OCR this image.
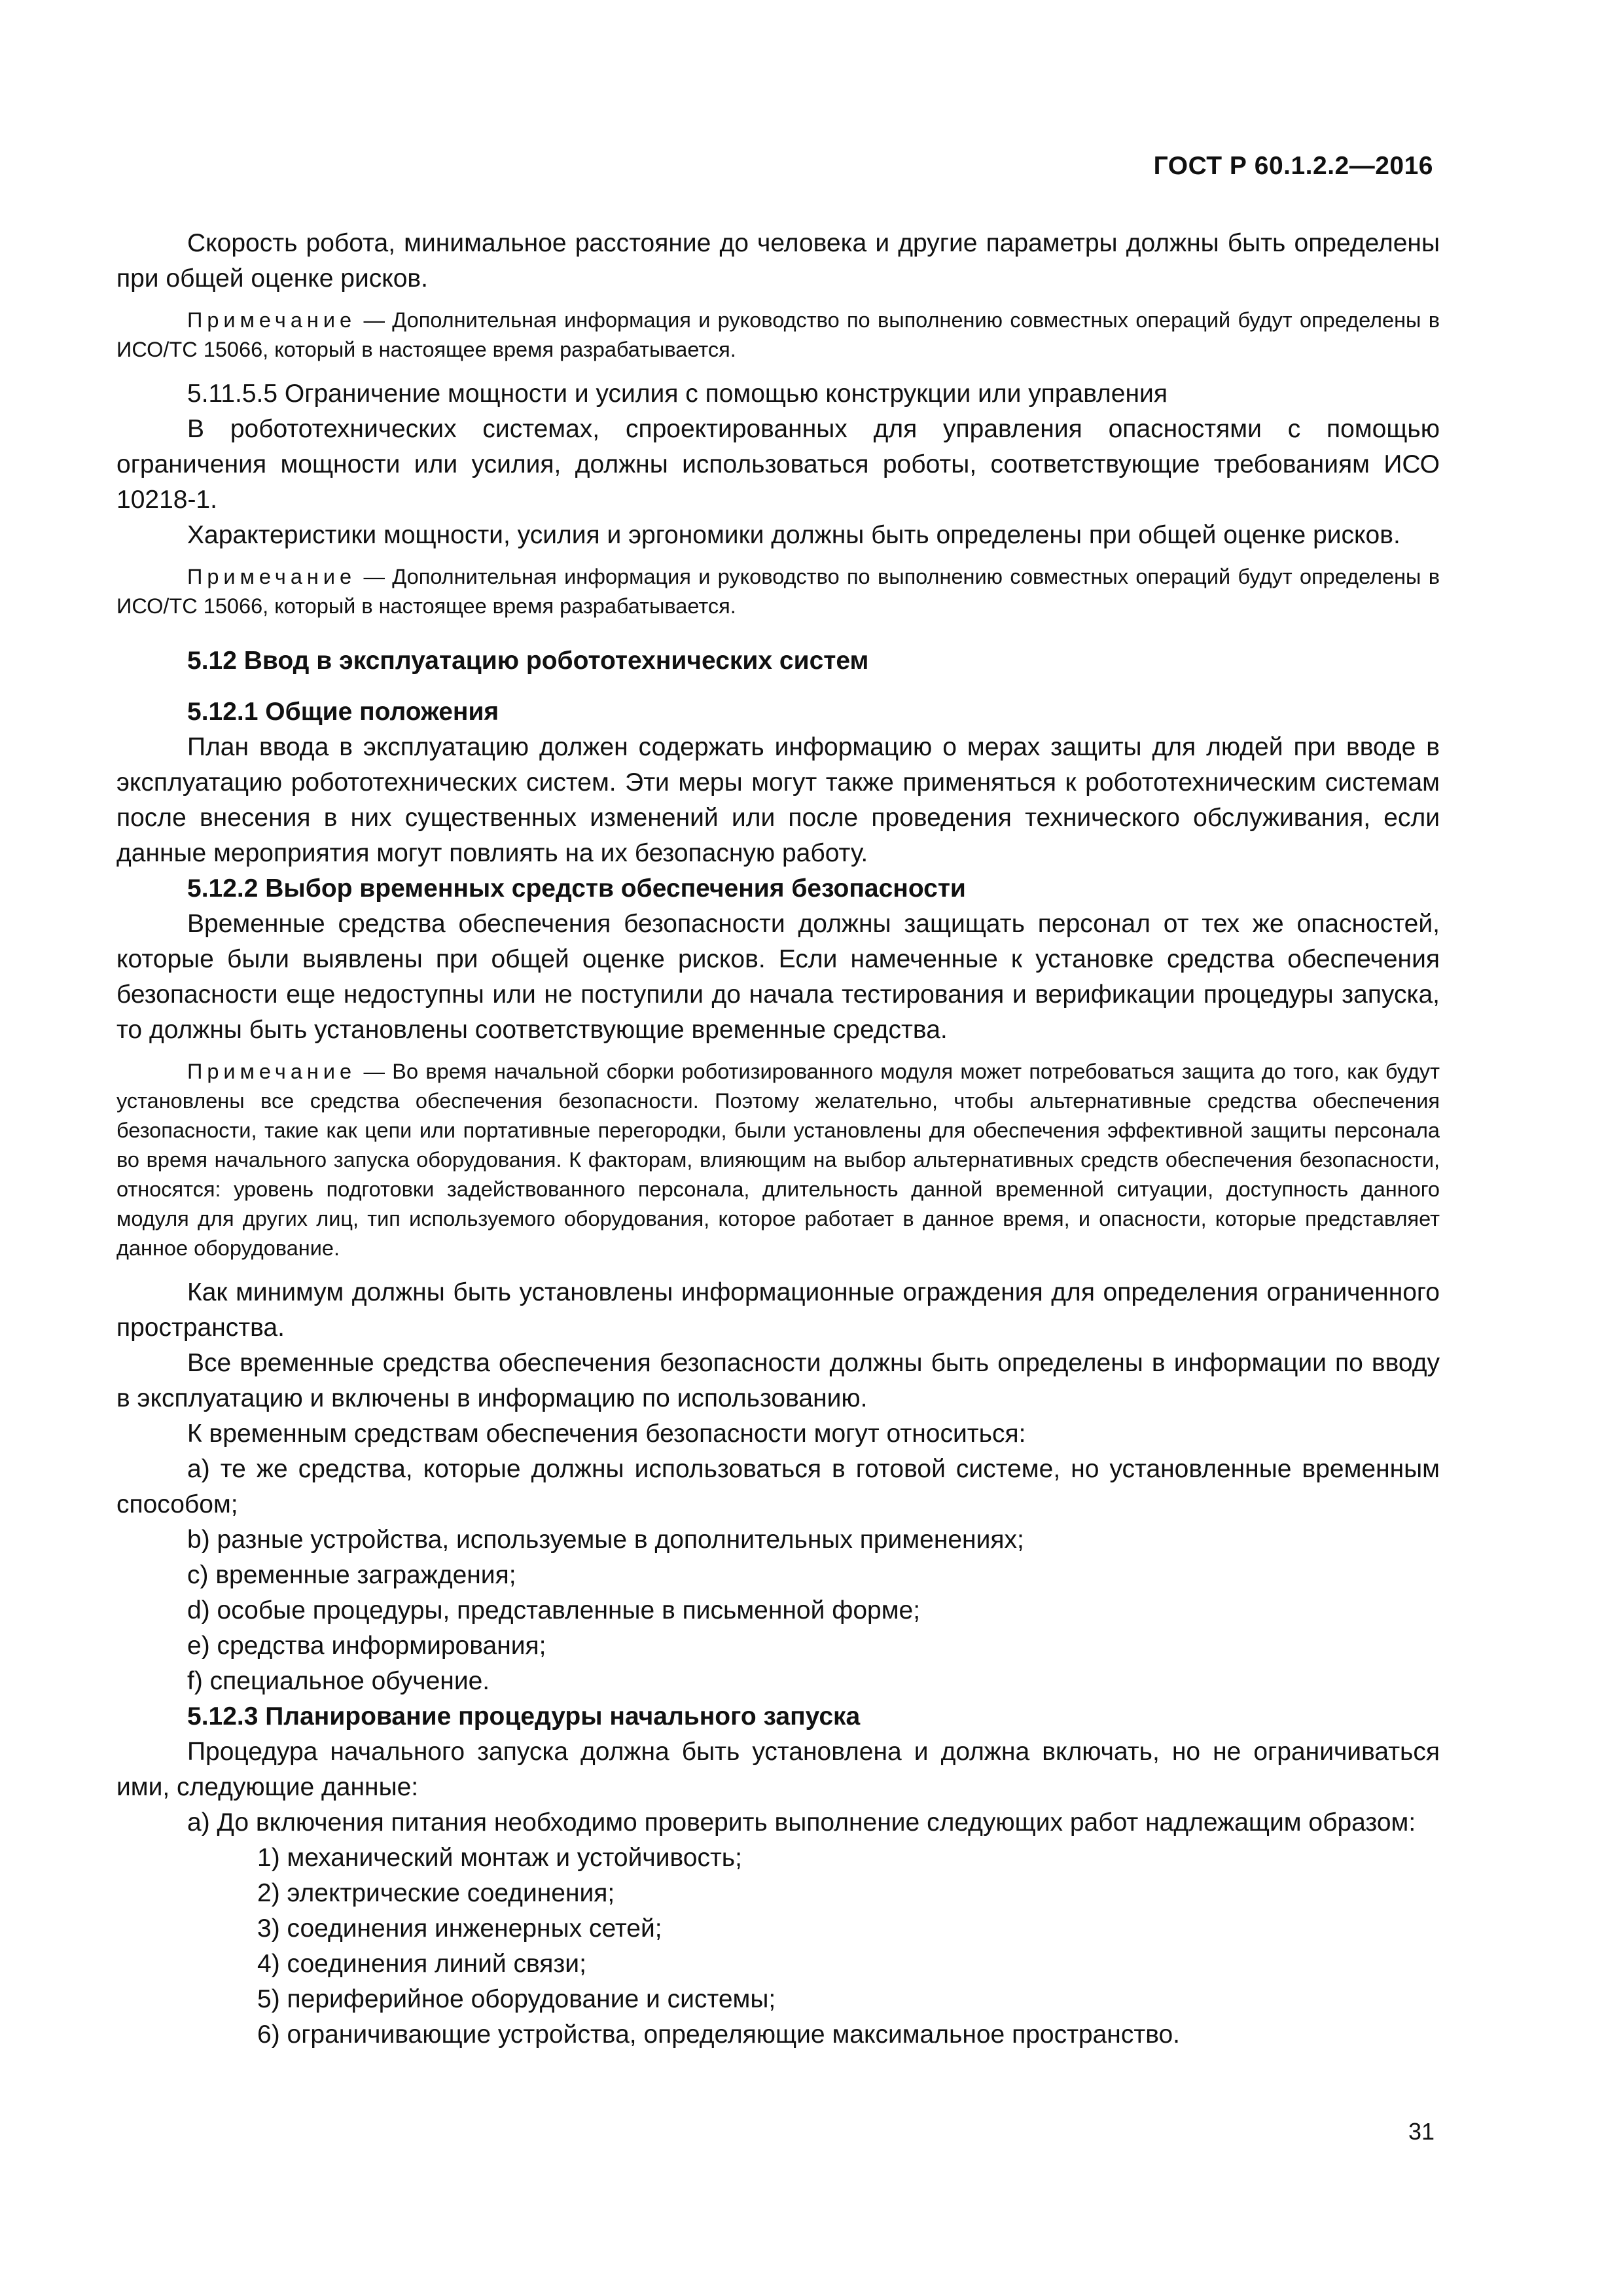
ГОСТ Р 60.1.2.2—2016

Скорость робота, минимальное расстояние до человека и другие параметры должны быть определены при общей оценке рисков.

Примечание — Дополнительная информация и руководство по выполнению совместных операций будут определены в ИСО/ТС 15066, который в настоящее время разрабатывается.

5.11.5.5 Ограничение мощности и усилия с помощью конструкции или управления

В робототехнических системах, спроектированных для управления опасностями с помощью ограничения мощности или усилия, должны использоваться роботы, соответствующие требованиям ИСО 10218-1.

Характеристики мощности, усилия и эргономики должны быть определены при общей оценке рисков.

Примечание — Дополнительная информация и руководство по выполнению совместных операций будут определены в ИСО/ТС 15066, который в настоящее время разрабатывается.

5.12 Ввод в эксплуатацию робототехнических систем

5.12.1 Общие положения

План ввода в эксплуатацию должен содержать информацию о мерах защиты для людей при вводе в эксплуатацию робототехнических систем. Эти меры могут также применяться к робототехническим системам после внесения в них существенных изменений или после проведения технического обслуживания, если данные мероприятия могут повлиять на их безопасную работу.

5.12.2 Выбор временных средств обеспечения безопасности

Временные средства обеспечения безопасности должны защищать персонал от тех же опасностей, которые были выявлены при общей оценке рисков. Если намеченные к установке средства обеспечения безопасности еще недоступны или не поступили до начала тестирования и верификации процедуры запуска, то должны быть установлены соответствующие временные средства.

Примечание — Во время начальной сборки роботизированного модуля может потребоваться защита до того, как будут установлены все средства обеспечения безопасности. Поэтому желательно, чтобы альтернативные средства обеспечения безопасности, такие как цепи или портативные перегородки, были установлены для обеспечения эффективной защиты персонала во время начального запуска оборудования. К факторам, влияющим на выбор альтернативных средств обеспечения безопасности, относятся: уровень подготовки задействованного персонала, длительность данной временной ситуации, доступность данного модуля для других лиц, тип используемого оборудования, которое работает в данное время, и опасности, которые представляет данное оборудование.

Как минимум должны быть установлены информационные ограждения для определения ограниченного пространства.

Все временные средства обеспечения безопасности должны быть определены в информации по вводу в эксплуатацию и включены в информацию по использованию.

К временным средствам обеспечения безопасности могут относиться:

a) те же средства, которые должны использоваться в готовой системе, но установленные временным способом;

b) разные устройства, используемые в дополнительных применениях;

c) временные заграждения;

d) особые процедуры, представленные в письменной форме;

e) средства информирования;

f) специальное обучение.

5.12.3 Планирование процедуры начального запуска

Процедура начального запуска должна быть установлена и должна включать, но не ограничиваться ими, следующие данные:

а) До включения питания необходимо проверить выполнение следующих работ надлежащим образом:

1) механический монтаж и устойчивость;

2) электрические соединения;

3) соединения инженерных сетей;

4) соединения линий связи;

5) периферийное оборудование и системы;

6) ограничивающие устройства, определяющие максимальное пространство.

31
